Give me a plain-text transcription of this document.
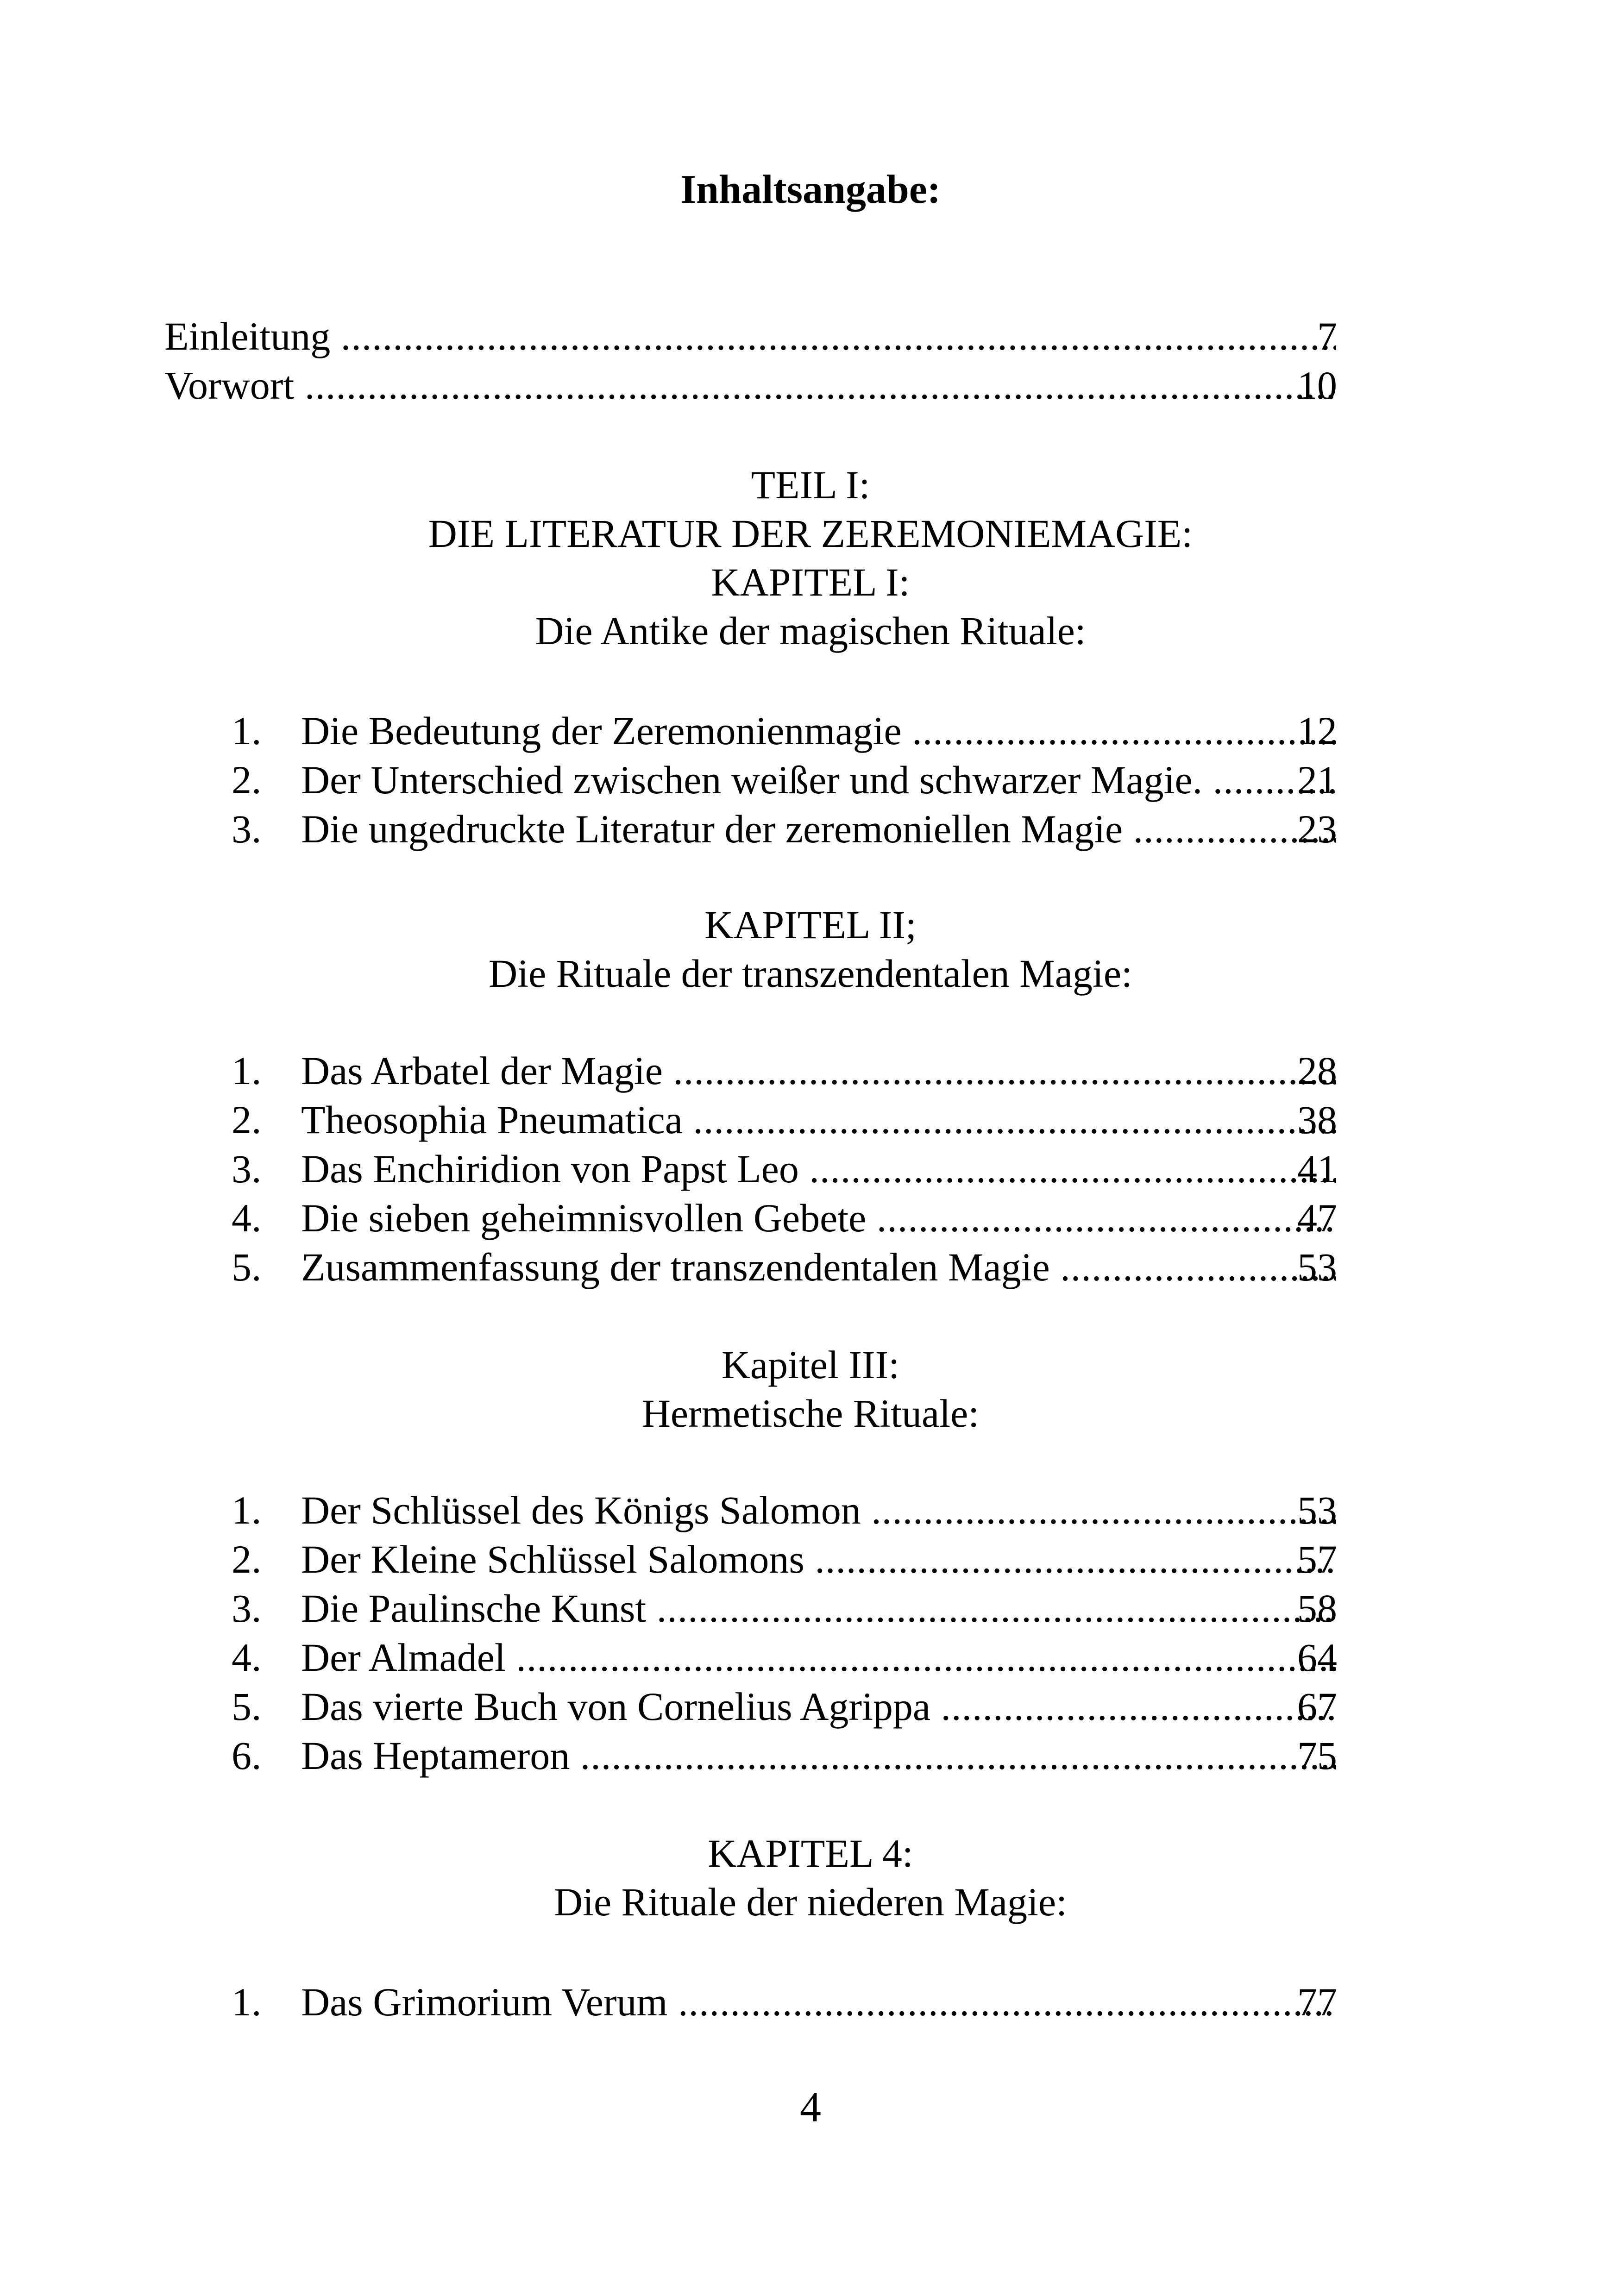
Inhaltsangabe:
Einleitung .....	7
Vorwort .....	10
TEIL I:
DIE LITERATUR DER ZEREMONIEMAGIE:
KAPITEL I:
Die Antike der magischen Rituale:
1. Die Bedeutung der Zeremonienmagie .....	12
2. Der Unterschied zwischen weißer und schwarzer Magie. .....	21
3. Die ungedruckte Literatur der zeremoniellen Magie .....	23
KAPITEL II;
Die Rituale der transzendentalen Magie:
1. Das Arbatel der Magie .....	28
2. Theosophia Pneumatica .....	38
3. Das Enchiridion von Papst Leo .....	41
4. Die sieben geheimnisvollen Gebete .....	47
5. Zusammenfassung der transzendentalen Magie .....	53
Kapitel III:
Hermetische Rituale:
1. Der Schlüssel des Königs Salomon .....	53
2. Der Kleine Schlüssel Salomons .....	57
3. Die Paulinsche Kunst .....	58
4. Der Almadel .....	64
5. Das vierte Buch von Cornelius Agrippa .....	67
6. Das Heptameron .....	75
KAPITEL 4:
Die Rituale der niederen Magie:
1. Das Grimorium Verum .....	77
4
